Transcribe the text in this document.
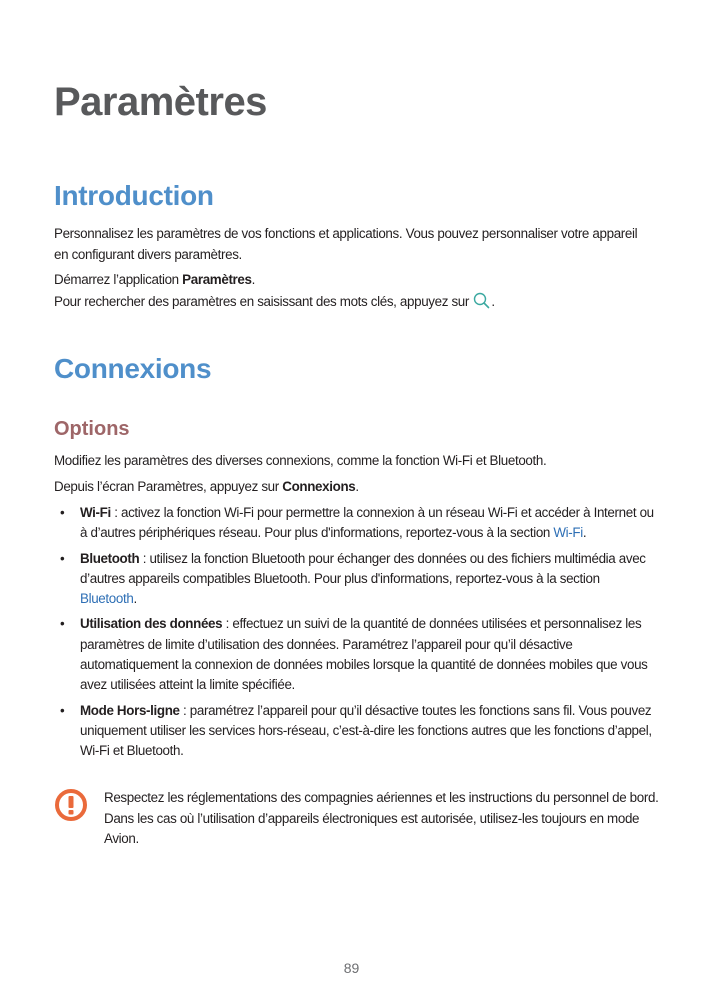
Paramètres
Introduction

Personnalisez les paramètres de vos fonctions et applications. Vous pouvez personnaliser votre appareil en configurant divers paramètres.

Démarrez l’application Paramètres.

Pour rechercher des paramètres en saisissant des mots clés, appuyez sur .

Connexions
Options

Modifiez les paramètres des diverses connexions, comme la fonction Wi-Fi et Bluetooth.

Depuis l’écran Paramètres, appuyez sur Connexions.

• Wi-Fi : activez la fonction Wi-Fi pour permettre la connexion à un réseau Wi-Fi et accéder à Internet ou à d’autres périphériques réseau. Pour plus d'informations, reportez-vous à la section Wi-Fi.
• Bluetooth : utilisez la fonction Bluetooth pour échanger des données ou des fichiers multimédia avec d’autres appareils compatibles Bluetooth. Pour plus d'informations, reportez-vous à la section Bluetooth.
• Utilisation des données : effectuez un suivi de la quantité de données utilisées et personnalisez les paramètres de limite d’utilisation des données. Paramétrez l’appareil pour qu’il désactive automatiquement la connexion de données mobiles lorsque la quantité de données mobiles que vous avez utilisées atteint la limite spécifiée.
• Mode Hors-ligne : paramétrez l’appareil pour qu’il désactive toutes les fonctions sans fil. Vous pouvez uniquement utiliser les services hors-réseau, c’est-à-dire les fonctions autres que les fonctions d’appel, Wi-Fi et Bluetooth.
Respectez les réglementations des compagnies aériennes et les instructions du personnel de bord. Dans les cas où l’utilisation d’appareils électroniques est autorisée, utilisez-les toujours en mode Avion.
89
